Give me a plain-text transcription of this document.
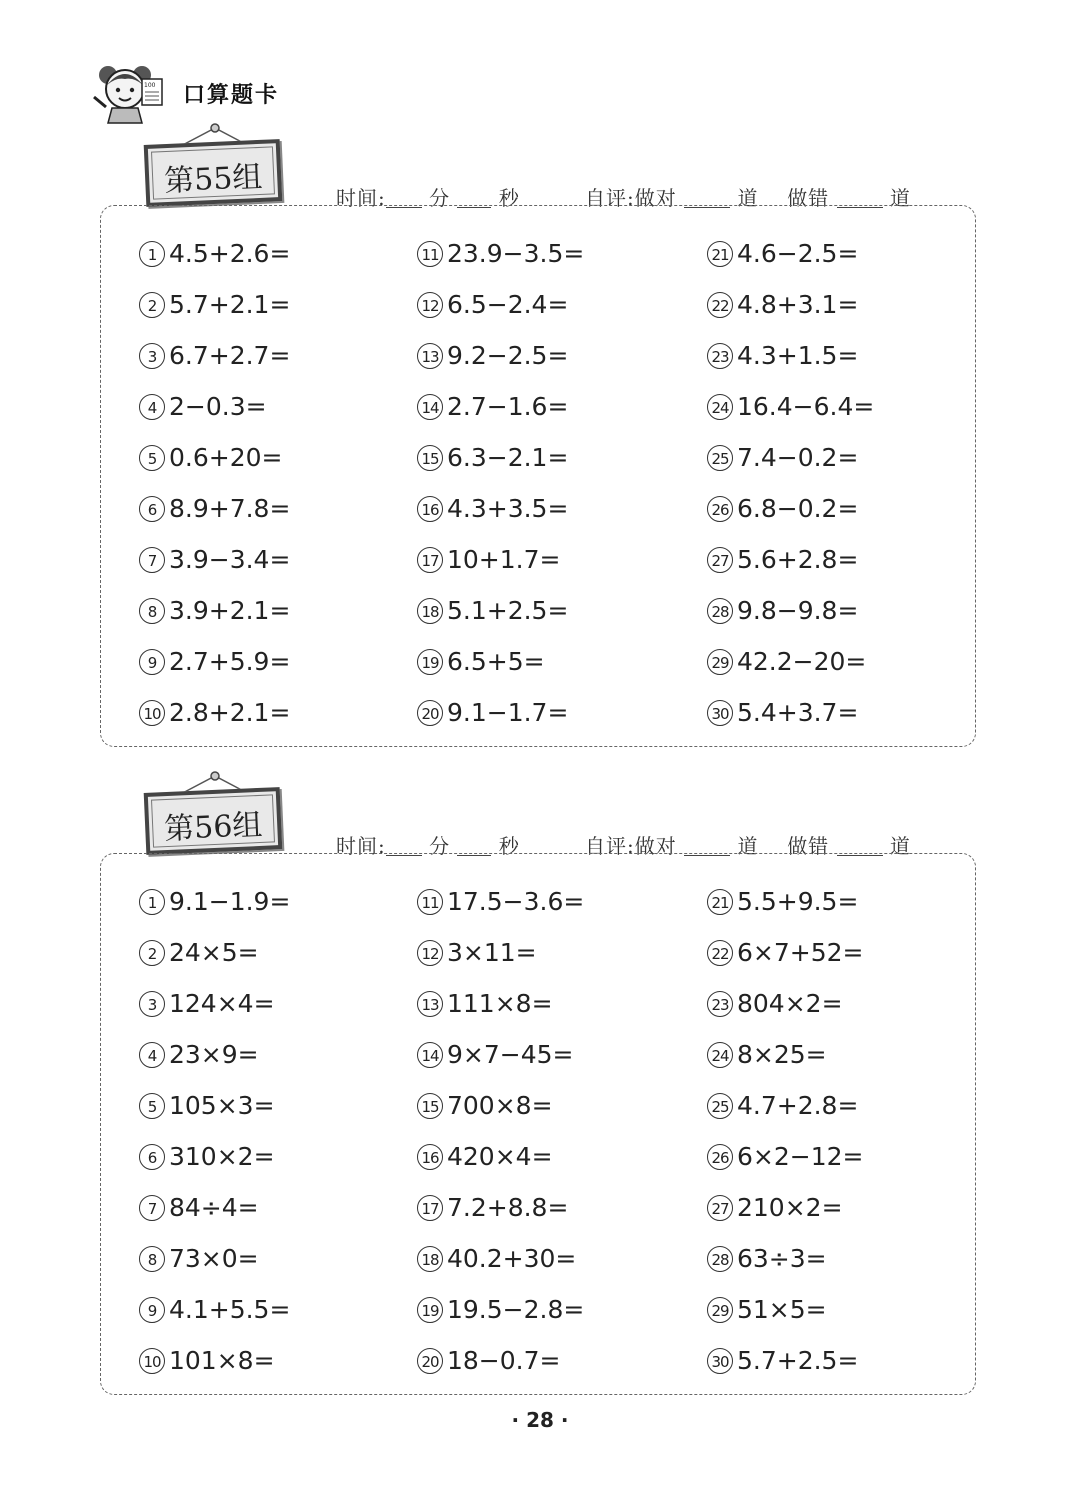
100 口算题卡
第55组	时间: 分 秒	自评:做对	道 做错	道
1 4.5+2.6=
2 5.7+2.1=
3 6.7+2.7=
4 2−0.3=
5 0.6+20=
6 8.9+7.8=
7 3.9−3.4=
8 3.9+2.1=
9 2.7+5.9=
10 2.8+2.1=
11 23.9−3.5=
12 6.5−2.4=
13 9.2−2.5=
14 2.7−1.6=
15 6.3−2.1=
16 4.3+3.5=
17 10+1.7=
18 5.1+2.5=
19 6.5+5=
20 9.1−1.7=
21 4.6−2.5=
22 4.8+3.1=
23 4.3+1.5=
24 16.4−6.4=
25 7.4−0.2=
26 6.8−0.2=
27 5.6+2.8=
28 9.8−9.8=
29 42.2−20=
30 5.4+3.7=
第56组	时间: 分 秒	自评:做对	道 做错	道
1 9.1−1.9=
2 24×5=
3 124×4=
4 23×9=
5 105×3=
6 310×2=
7 84÷4=
8 73×0=
9 4.1+5.5=
10 101×8=
11 17.5−3.6=
12 3×11=
13 111×8=
14 9×7−45=
15 700×8=
16 420×4=
17 7.2+8.8=
18 40.2+30=
19 19.5−2.8=
20 18−0.7=
21 5.5+9.5=
22 6×7+52=
23 804×2=
24 8×25=
25 4.7+2.8=
26 6×2−12=
27 210×2=
28 63÷3=
29 51×5=
30 5.7+2.5=
· 28 ·
